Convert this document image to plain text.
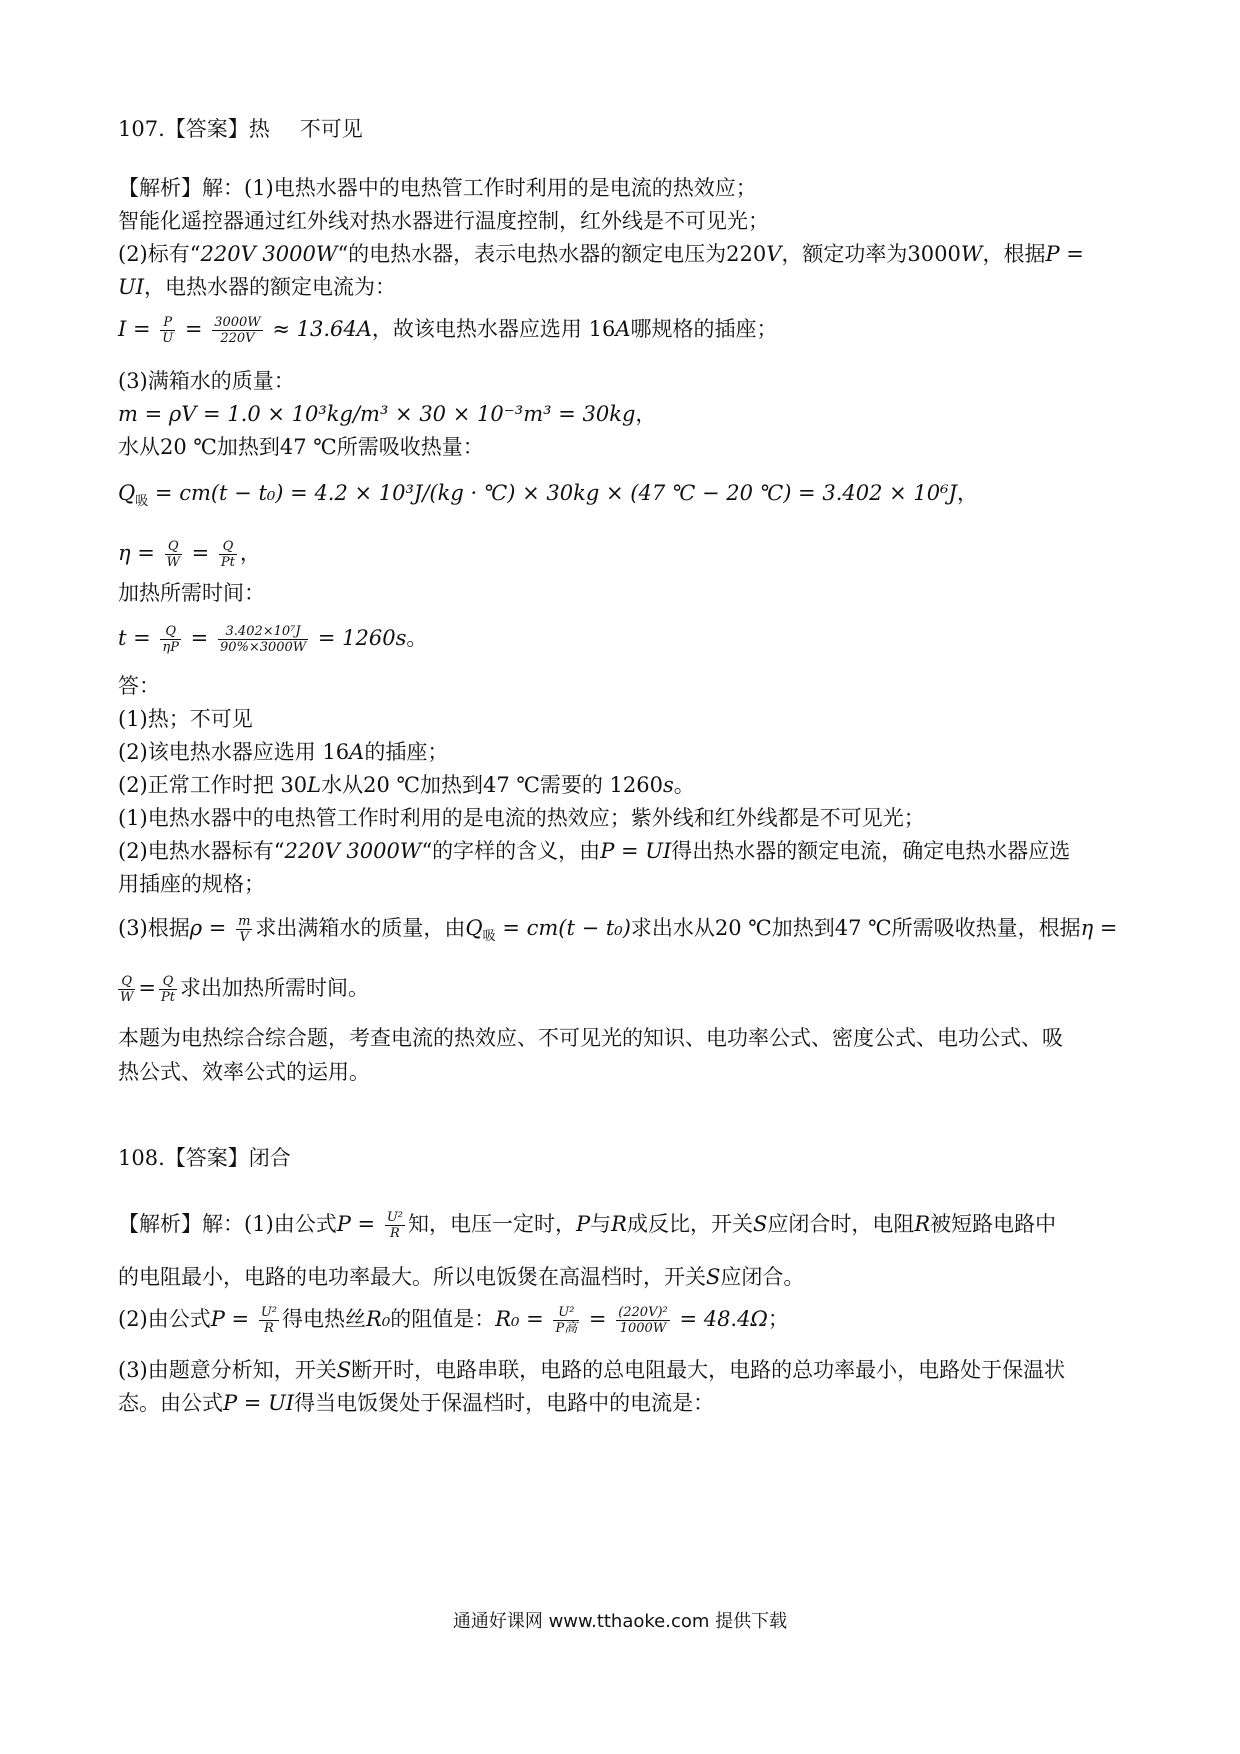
107.【答案】热 不可见
【解析】解：(1)电热水器中的电热管工作时利用的是电流的热效应；
智能化遥控器通过红外线对热水器进行温度控制，红外线是不可见光；
(2)标有“220V 3000W“的电热水器，表示电热水器的额定电压为220V，额定功率为3000W，根据P =
UI，电热水器的额定电流为：
$I = \frac{P}{U} = \frac{3000W}{220V} \approx 13.64A$，故该电热水器应选用 16A哪规格的插座；
(3)满箱水的质量：
m = ρV = 1.0 × 10³kg/m³ × 30 × 10⁻³m³ = 30kg，
水从20 ℃加热到47 ℃所需吸收热量：
$Q_吸 = cm(t - t_0) = 4.2 \times 10^3J/(kg$ · ℃) × 30kg × (47 ℃ − 20 ℃) = 3.402 × 10⁶J，
$\eta = \frac{Q}{W} = \frac{Q}{Pt}$ ，
加热所需时间：
$t = \frac{Q}{\eta P} = \frac{\text{3.402×10⁷J}}{90\%\times 3000W} = 1260s$。
答：
(1)热；不可见
(2)该电热水器应选用 16A的插座；
(2)正常工作时把 30L水从20 ℃加热到47 ℃需要的 1260s。
(1)电热水器中的电热管工作时利用的是电流的热效应；紫外线和红外线都是不可见光；
(2)电热水器标有“220V 3000W“的字样的含义，由P = UI得出热水器的额定电流，确定电热水器应选
用插座的规格；
(3)根据$\rho = \frac{m}{V}$ 求出满箱水的质量，由$Q_吸 = cm(t - t_0)$求出水从20 ℃加热到47 ℃所需吸收热量，根据η =
$\frac{Q}{W} = \frac{Q}{Pt}$ 求出加热所需时间。
本题为电热综合综合题，考查电流的热效应、不可见光的知识、电功率公式、密度公式、电功公式、吸
热公式、效率公式的运用。
108.【答案】闭合
【解析】解：(1)由公式$P = \frac{\text{U²}}{R}$ 知，电压一定时，P与R成反比，开关S应闭合时，电阻R被短路电路中
的电阻最小，电路的电功率最大。所以电饭煲在高温档时，开关S应闭合。
(2)由公式$P = \frac{\text{U²}}{R}$ 得电热丝R₀的阻值是：$R_0 = \frac{\text{U²}}{\text{P高}} = \frac{\text{(220V)²}}{1000W} = 48.4\Omega$；
(3)由题意分析知，开关S断开时，电路串联，电路的总电阻最大，电路的总功率最小，电路处于保温状
态。由公式P = UI得当电饭煲处于保温档时，电路中的电流是：
通通好课网 www.tthaoke.com 提供下载
